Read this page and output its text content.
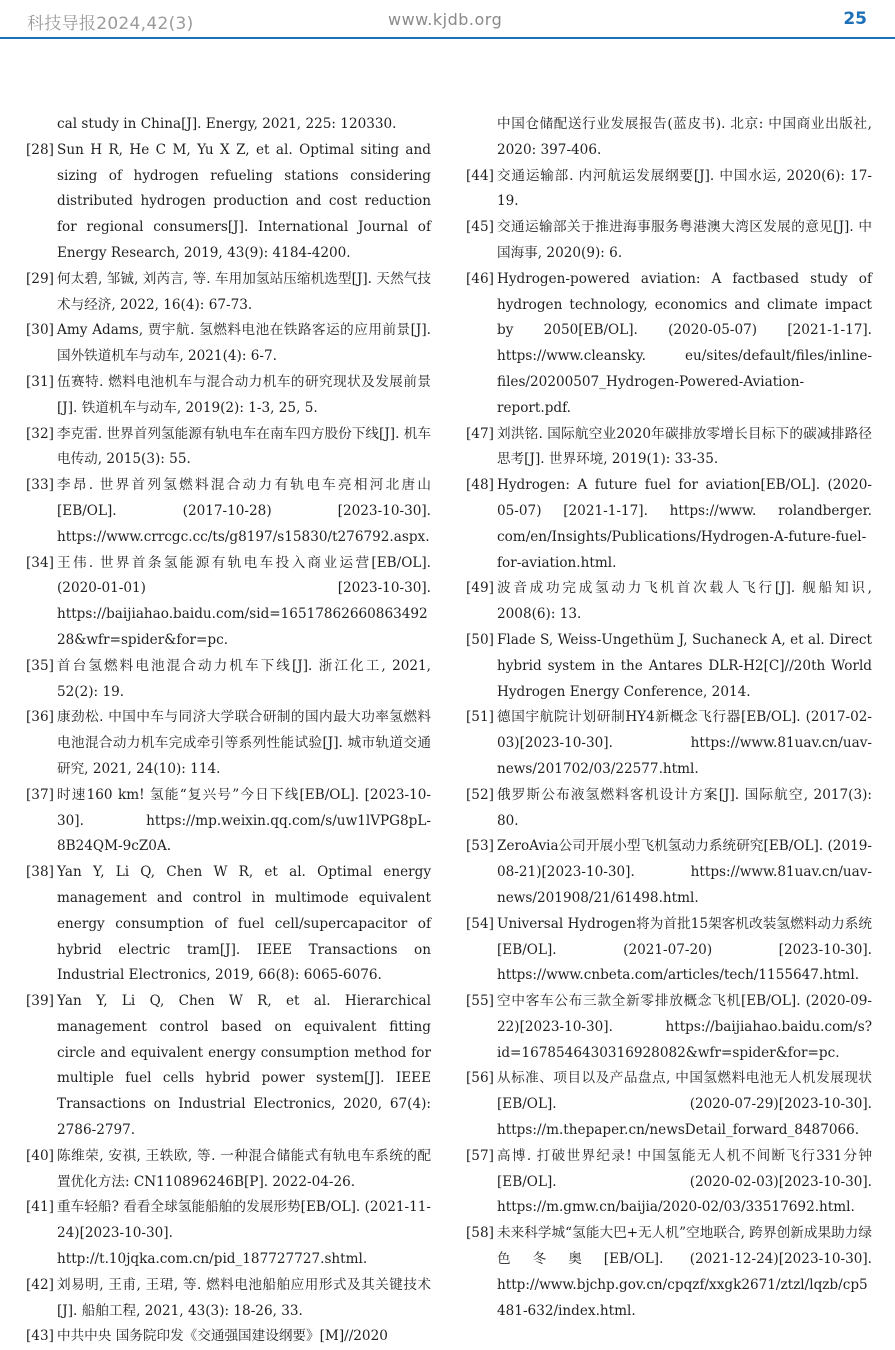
科技导报2024,42(3)	www.kjdb.org	25

cal study in China[J]. Energy, 2021, 225: 120330.

[28] Sun H R, He C M, Yu X Z, et al. Optimal siting and sizing of hydrogen refueling stations considering distributed hydrogen production and cost reduction for regional consumers[J]. International Journal of Energy Research, 2019, 43(9): 4184-4200.

[29] 何太碧, 邹铖, 刘芮言, 等. 车用加氢站压缩机选型[J]. 天然气技术与经济, 2022, 16(4): 67-73.

[30] Amy Adams, 贾宇航. 氢燃料电池在铁路客运的应用前景[J]. 国外铁道机车与动车, 2021(4): 6-7.

[31] 伍赛特. 燃料电池机车与混合动力机车的研究现状及发展前景[J]. 铁道机车与动车, 2019(2): 1-3, 25, 5.

[32] 李克雷. 世界首列氢能源有轨电车在南车四方股份下线[J]. 机车电传动, 2015(3): 55.

[33] 李昂. 世界首列氢燃料混合动力有轨电车亮相河北唐山[EB/OL]. (2017-10-28) [2023-10-30]. https://www.crrcgc.cc/ts/g8197/s15830/t276792.aspx.

[34] 王伟. 世界首条氢能源有轨电车投入商业运营[EB/OL]. (2020-01-01) [2023-10-30]. https://baijiahao.baidu.com/sid=1651786266086349228&wfr=spider&for=pc.

[35] 首台氢燃料电池混合动力机车下线[J]. 浙江化工, 2021, 52(2): 19.

[36] 康劲松. 中国中车与同济大学联合研制的国内最大功率氢燃料电池混合动力机车完成牵引等系列性能试验[J]. 城市轨道交通研究, 2021, 24(10): 114.

[37] 时速160 km! 氢能“复兴号”今日下线[EB/OL]. [2023-10-30]. https://mp.weixin.qq.com/s/uw1lVPG8pL-8B24QM-9cZ0A.

[38] Yan Y, Li Q, Chen W R, et al. Optimal energy management and control in multimode equivalent energy consumption of fuel cell/supercapacitor of hybrid electric tram[J]. IEEE Transactions on Industrial Electronics, 2019, 66(8): 6065-6076.

[39] Yan Y, Li Q, Chen W R, et al. Hierarchical management control based on equivalent fitting circle and equivalent energy consumption method for multiple fuel cells hybrid power system[J]. IEEE Transactions on Industrial Electronics, 2020, 67(4): 2786-2797.

[40] 陈维荣, 安祺, 王轶欧, 等. 一种混合储能式有轨电车系统的配置优化方法: CN110896246B[P]. 2022-04-26.

[41] 重车轻船? 看看全球氢能船舶的发展形势[EB/OL]. (2021-11-24)[2023-10-30]. http://t.10jqka.com.cn/pid_187727727.shtml.

[42] 刘易明, 王甫, 王珺, 等. 燃料电池船舶应用形式及其关键技术[J]. 船舶工程, 2021, 43(3): 18-26, 33.

[43] 中共中央 国务院印发《交通强国建设纲要》[M]//2020

中国仓储配送行业发展报告(蓝皮书). 北京: 中国商业出版社, 2020: 397-406.

[44] 交通运输部. 内河航运发展纲要[J]. 中国水运, 2020(6): 17-19.

[45] 交通运输部关于推进海事服务粤港澳大湾区发展的意见[J]. 中国海事, 2020(9): 6.

[46] Hydrogen-powered aviation: A factbased study of hydrogen technology, economics and climate impact by 2050[EB/OL]. (2020-05-07) [2021-1-17]. https://www.cleansky. eu/sites/default/files/inline-files/20200507_Hydrogen-Powered-Aviation-report.pdf.

[47] 刘洪铭. 国际航空业2020年碳排放零增长目标下的碳减排路径思考[J]. 世界环境, 2019(1): 33-35.

[48] Hydrogen: A future fuel for aviation[EB/OL]. (2020-05-07) [2021-1-17]. https://www. rolandberger. com/en/Insights/Publications/Hydrogen-A-future-fuel-for-aviation.html.

[49] 波音成功完成氢动力飞机首次载人飞行[J]. 舰船知识, 2008(6): 13.

[50] Flade S, Weiss-Ungethüm J, Suchaneck A, et al. Direct hybrid system in the Antares DLR-H2[C]//20th World Hydrogen Energy Conference, 2014.

[51] 德国宇航院计划研制HY4新概念飞行器[EB/OL]. (2017-02-03)[2023-10-30]. https://www.81uav.cn/uav-news/201702/03/22577.html.

[52] 俄罗斯公布液氢燃料客机设计方案[J]. 国际航空, 2017(3): 80.

[53] ZeroAvia公司开展小型飞机氢动力系统研究[EB/OL]. (2019-08-21)[2023-10-30]. https://www.81uav.cn/uav-news/201908/21/61498.html.

[54] Universal Hydrogen将为首批15架客机改装氢燃料动力系统[EB/OL]. (2021-07-20) [2023-10-30]. https://www.cnbeta.com/articles/tech/1155647.html.

[55] 空中客车公布三款全新零排放概念飞机[EB/OL]. (2020-09-22)[2023-10-30]. https://baijiahao.baidu.com/s?id=1678546430316928082&wfr=spider&for=pc.

[56] 从标准、项目以及产品盘点, 中国氢燃料电池无人机发展现状[EB/OL]. (2020-07-29)[2023-10-30]. https://m.thepaper.cn/newsDetail_forward_8487066.

[57] 高博. 打破世界纪录! 中国氢能无人机不间断飞行331分钟[EB/OL]. (2020-02-03)[2023-10-30]. https://m.gmw.cn/baijia/2020-02/03/33517692.html.

[58] 未来科学城“氢能大巴+无人机”空地联合, 跨界创新成果助力绿色冬奥[EB/OL]. (2021-12-24)[2023-10-30]. http://www.bjchp.gov.cn/cpqzf/xxgk2671/ztzl/lqzb/cp5481-632/index.html.
